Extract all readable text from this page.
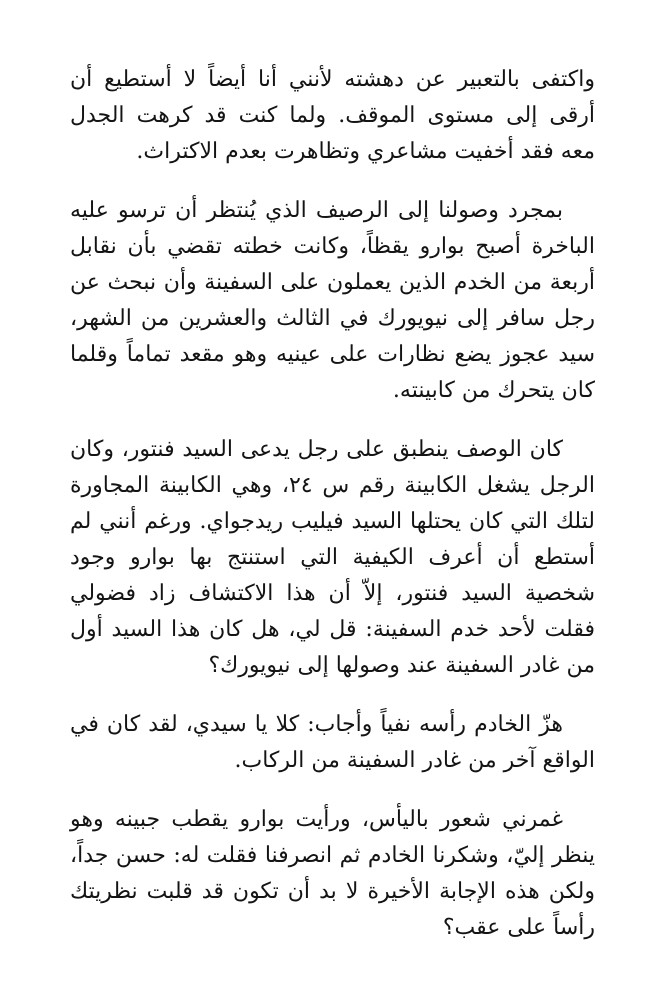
واكتفى بالتعبير عن دهشته لأنني أنا أيضاً لا أستطيع أن أرقى إلى مستوى الموقف. ولما كنت قد كرهت الجدل معه فقد أخفيت مشاعري وتظاهرت بعدم الاكتراث.

بمجرد وصولنا إلى الرصيف الذي يُنتظر أن ترسو عليه الباخرة أصبح بوارو يقظاً، وكانت خطته تقضي بأن نقابل أربعة من الخدم الذين يعملون على السفينة وأن نبحث عن رجل سافر إلى نيويورك في الثالث والعشرين من الشهر، سيد عجوز يضع نظارات على عينيه وهو مقعد تماماً وقلما كان يتحرك من كابينته.

كان الوصف ينطبق على رجل يدعى السيد فنتور، وكان الرجل يشغل الكابينة رقم س ٢٤، وهي الكابينة المجاورة لتلك التي كان يحتلها السيد فيليب ريدجواي. ورغم أنني لم أستطع أن أعرف الكيفية التي استنتج بها بوارو وجود شخصية السيد فنتور، إلاّ أن هذا الاكتشاف زاد فضولي فقلت لأحد خدم السفينة: قل لي، هل كان هذا السيد أول من غادر السفينة عند وصولها إلى نيويورك؟

هزّ الخادم رأسه نفياً وأجاب: كلا يا سيدي، لقد كان في الواقع آخر من غادر السفينة من الركاب.

غمرني شعور باليأس، ورأيت بوارو يقطب جبينه وهو ينظر إليّ، وشكرنا الخادم ثم انصرفنا فقلت له: حسن جداً، ولكن هذه الإجابة الأخيرة لا بد أن تكون قد قلبت نظريتك رأساً على عقب؟
